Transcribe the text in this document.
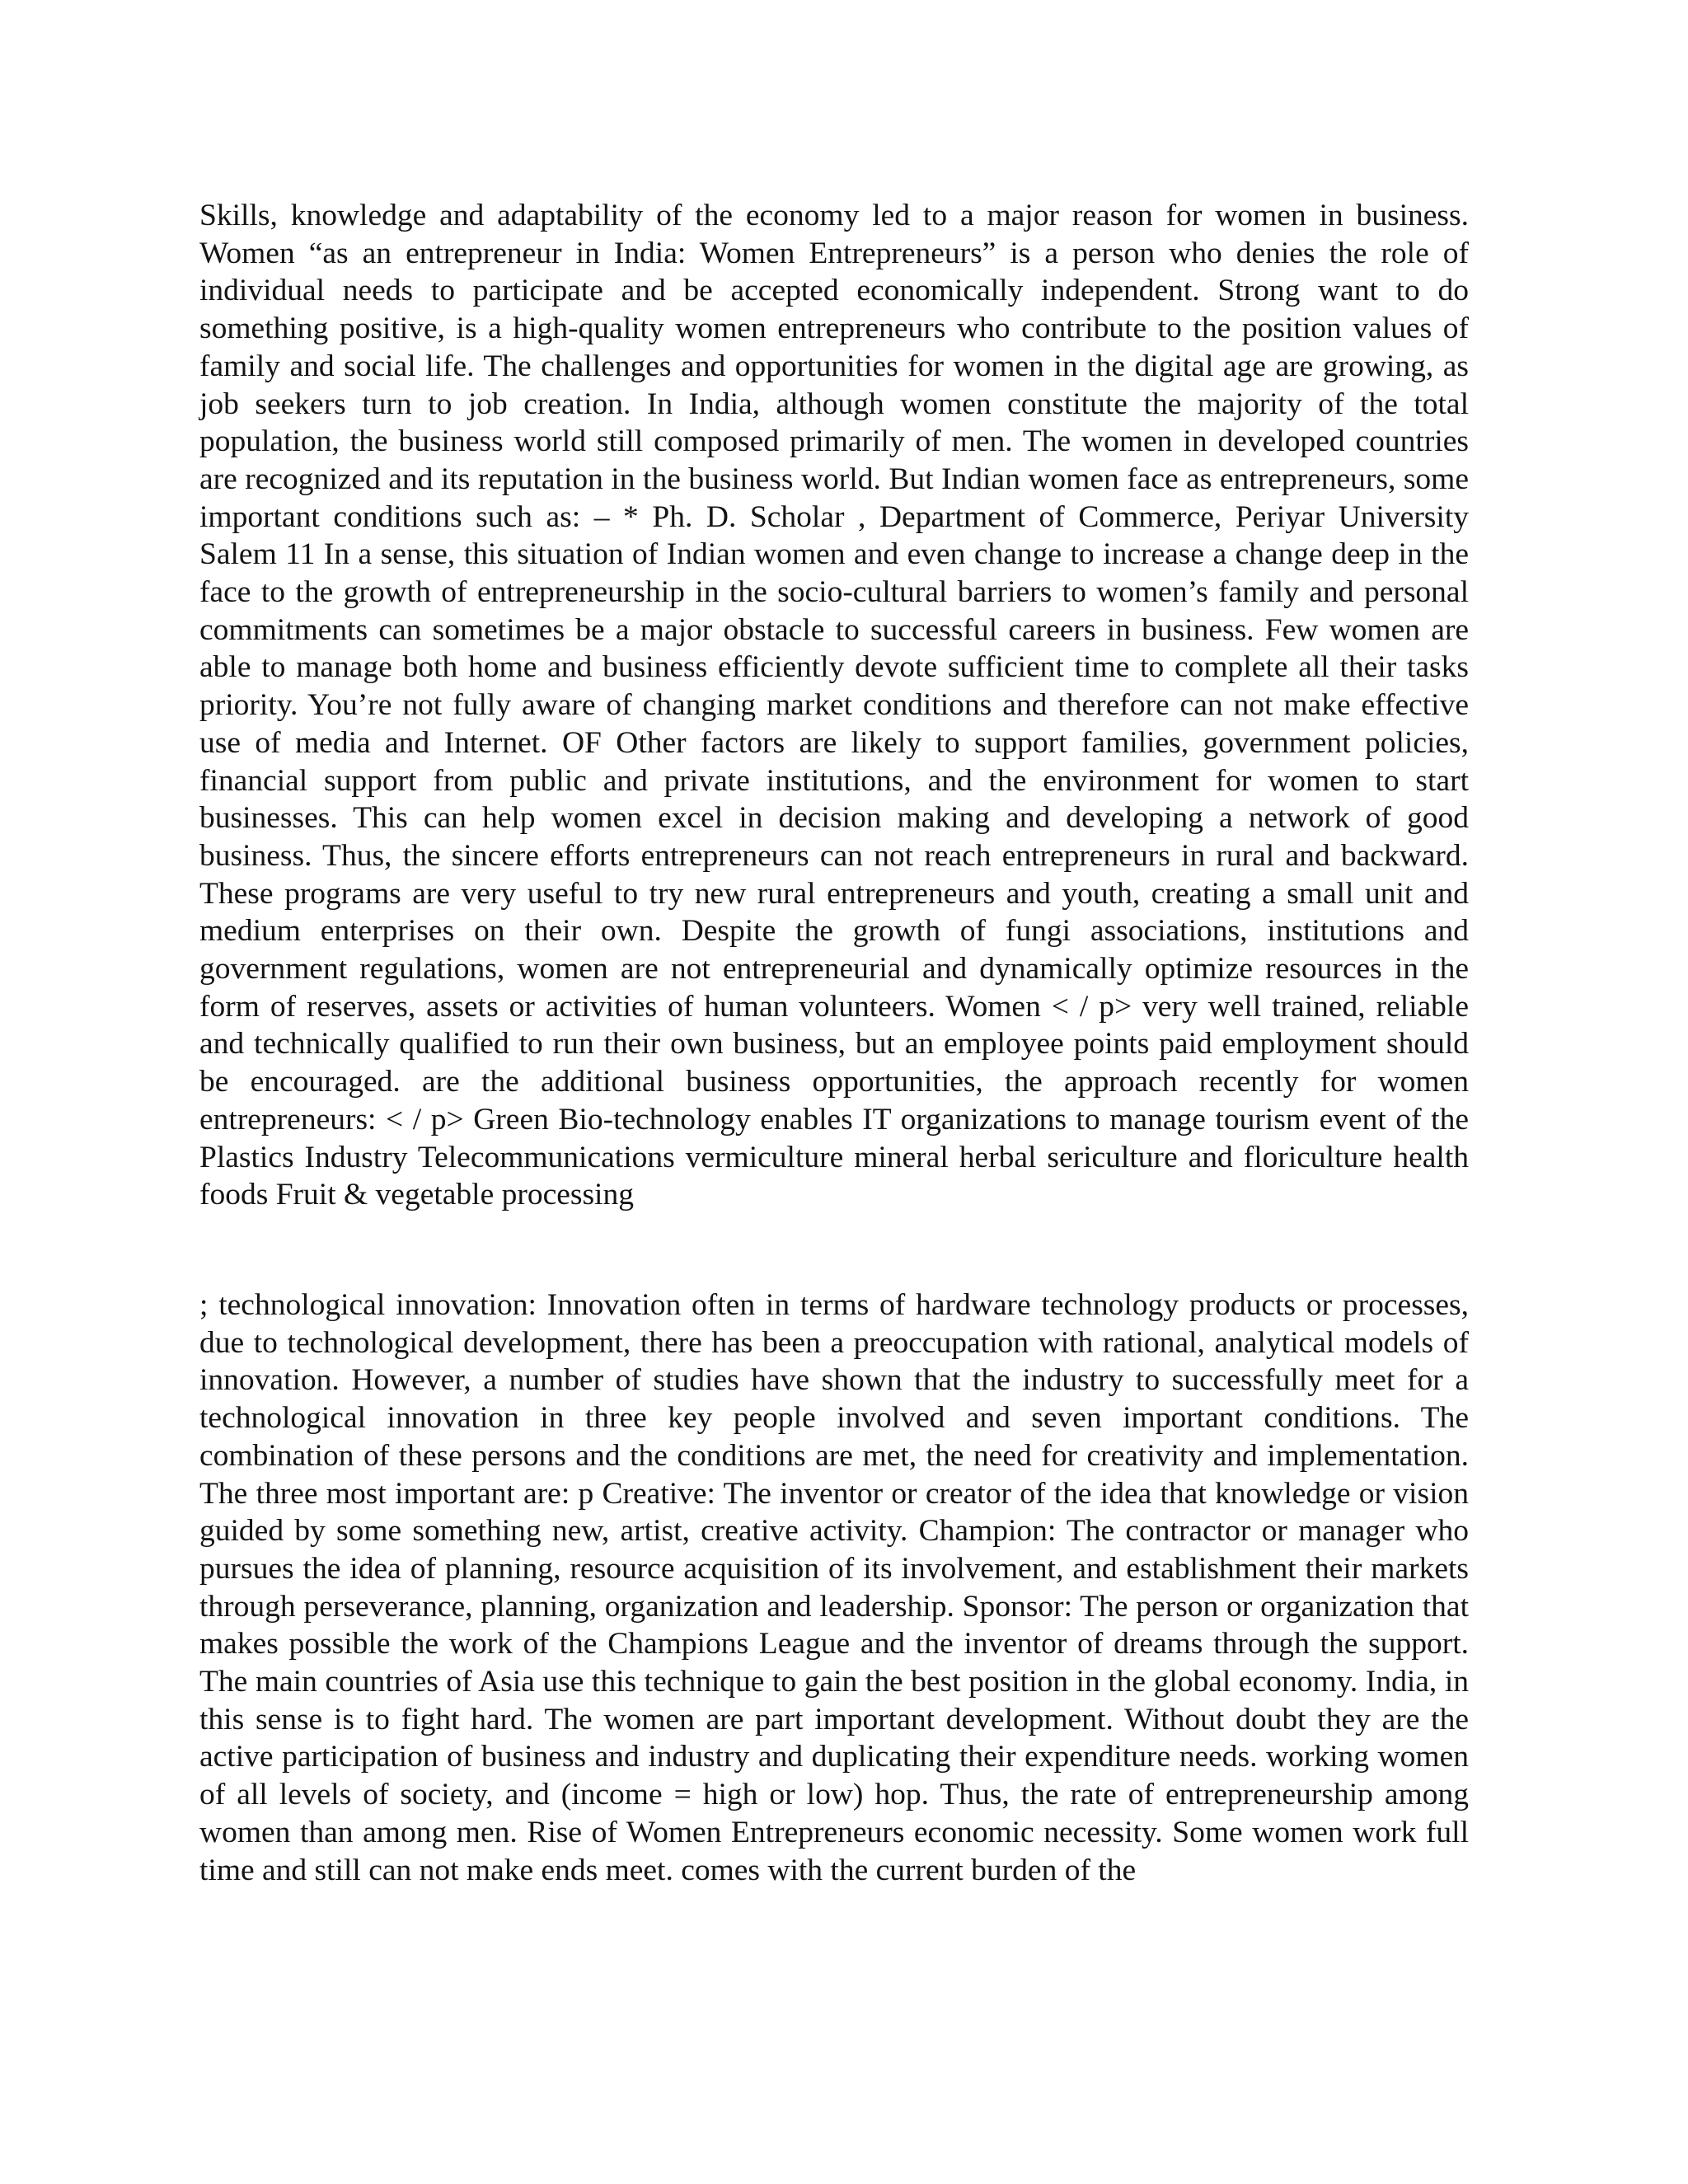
Skills, knowledge and adaptability of the economy led to a major reason for women in business. Women “as an entrepreneur in India: Women Entrepreneurs” is a person who denies the role of individual needs to participate and be accepted economically independent. Strong want to do something positive, is a high-quality women entrepreneurs who contribute to the position values of family and social life. The challenges and opportunities for women in the digital age are growing, as job seekers turn to job creation. In India, although women constitute the majority of the total population, the business world still composed primarily of men. The women in developed countries are recognized and its reputation in the business world. But Indian women face as entrepreneurs, some important conditions such as: – * Ph. D. Scholar , Department of Commerce, Periyar University Salem 11 In a sense, this situation of Indian women and even change to increase a change deep in the face to the growth of entrepreneurship in the socio-cultural barriers to women’s family and personal commitments can sometimes be a major obstacle to successful careers in business. Few women are able to manage both home and business efficiently devote sufficient time to complete all their tasks priority. You’re not fully aware of changing market conditions and therefore can not make effective use of media and Internet. OF Other factors are likely to support families, government policies, financial support from public and private institutions, and the environment for women to start businesses. This can help women excel in decision making and developing a network of good business. Thus, the sincere efforts entrepreneurs can not reach entrepreneurs in rural and backward. These programs are very useful to try new rural entrepreneurs and youth, creating a small unit and medium enterprises on their own. Despite the growth of fungi associations, institutions and government regulations, women are not entrepreneurial and dynamically optimize resources in the form of reserves, assets or activities of human volunteers. Women < / p> very well trained, reliable and technically qualified to run their own business, but an employee points paid employment should be encouraged. are the additional business opportunities, the approach recently for women entrepreneurs: < / p> Green Bio-technology enables IT organizations to manage tourism event of the Plastics Industry Telecommunications vermiculture mineral herbal sericulture and floriculture health foods Fruit & vegetable processing

; technological innovation: Innovation often in terms of hardware technology products or processes, due to technological development, there has been a preoccupation with rational, analytical models of innovation. However, a number of studies have shown that the industry to successfully meet for a technological innovation in three key people involved and seven important conditions. The combination of these persons and the conditions are met, the need for creativity and implementation. The three most important are: p Creative: The inventor or creator of the idea that knowledge or vision guided by some something new, artist, creative activity. Champion: The contractor or manager who pursues the idea of planning, resource acquisition of its involvement, and establishment their markets through perseverance, planning, organization and leadership. Sponsor: The person or organization that makes possible the work of the Champions League and the inventor of dreams through the support. The main countries of Asia use this technique to gain the best position in the global economy. India, in this sense is to fight hard. The women are part important development. Without doubt they are the active participation of business and industry and duplicating their expenditure needs. working women of all levels of society, and (income = high or low) hop. Thus, the rate of entrepreneurship among women than among men. Rise of Women Entrepreneurs economic necessity. Some women work full time and still can not make ends meet. comes with the current burden of the
